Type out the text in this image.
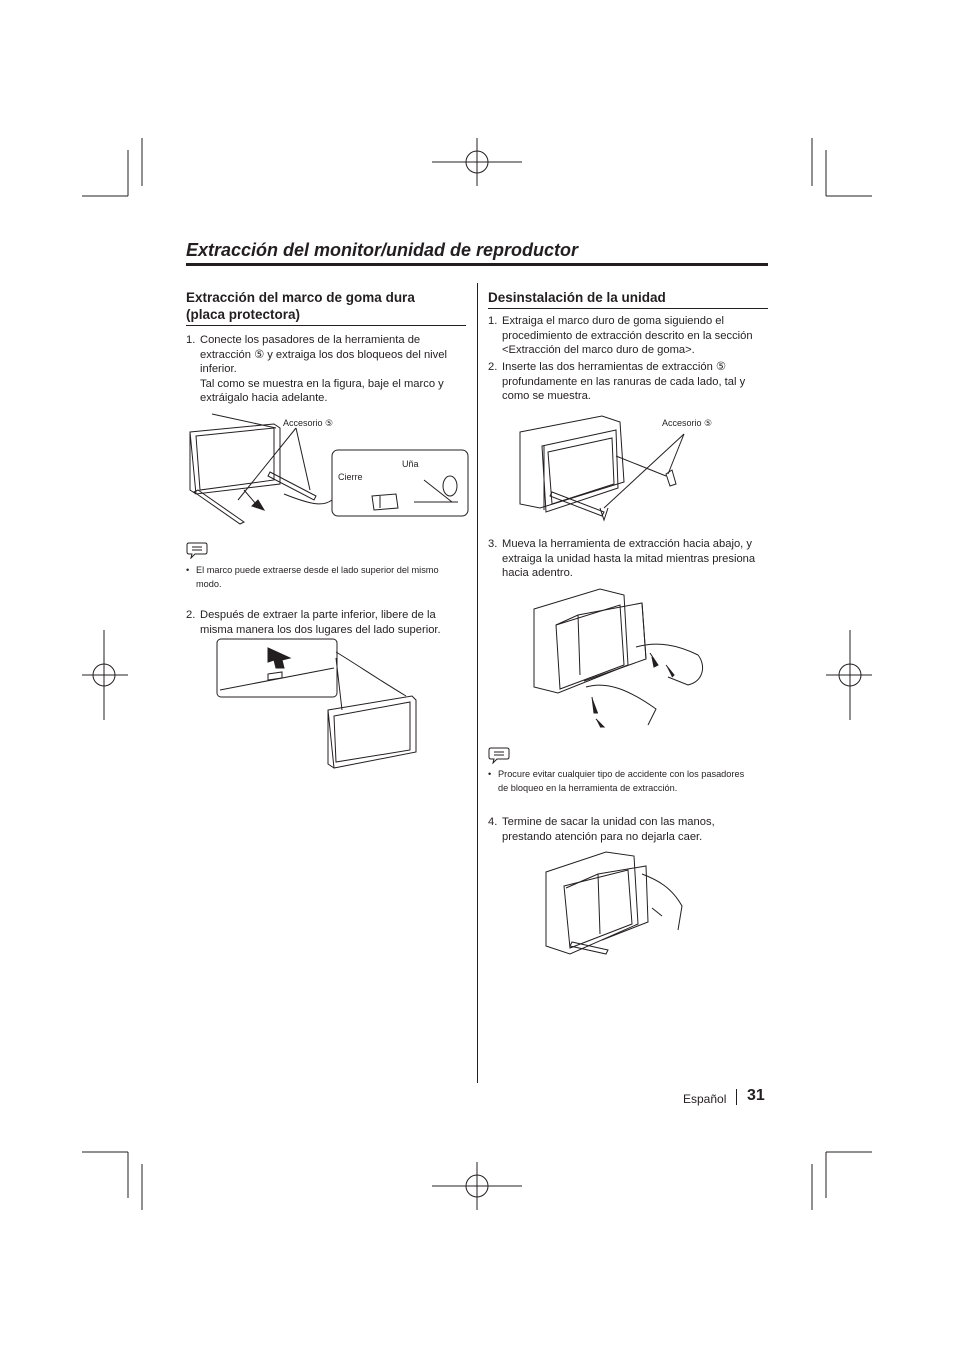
Extracción del monitor/unidad de reproductor
Extracción del marco de goma dura
(placa protectora)
1. Conecte los pasadores de la herramienta de
extracción ⑤ y extraiga los dos bloqueos del nivel
inferior.
Tal como se muestra en la figura, baje el marco y
extráigalo hacia adelante.
Accesorio ⑤
Uña
Cierre
• El marco puede extraerse desde el lado superior del mismo
modo.
2. Después de extraer la parte inferior, libere de la
misma manera los dos lugares del lado superior.
Desinstalación de la unidad
1. Extraiga el marco duro de goma siguiendo el
procedimiento de extracción descrito en la sección
<Extracción del marco duro de goma>.
2. Inserte las dos herramientas de extracción ⑤
profundamente en las ranuras de cada lado, tal y
como se muestra.
Accesorio ⑤
3. Mueva la herramienta de extracción hacia abajo, y
extraiga la unidad hasta la mitad mientras presiona
hacia adentro.
• Procure evitar cualquier tipo de accidente con los pasadores
de bloqueo en la herramienta de extracción.
4. Termine de sacar la unidad con las manos,
prestando atención para no dejarla caer.
Español 31
